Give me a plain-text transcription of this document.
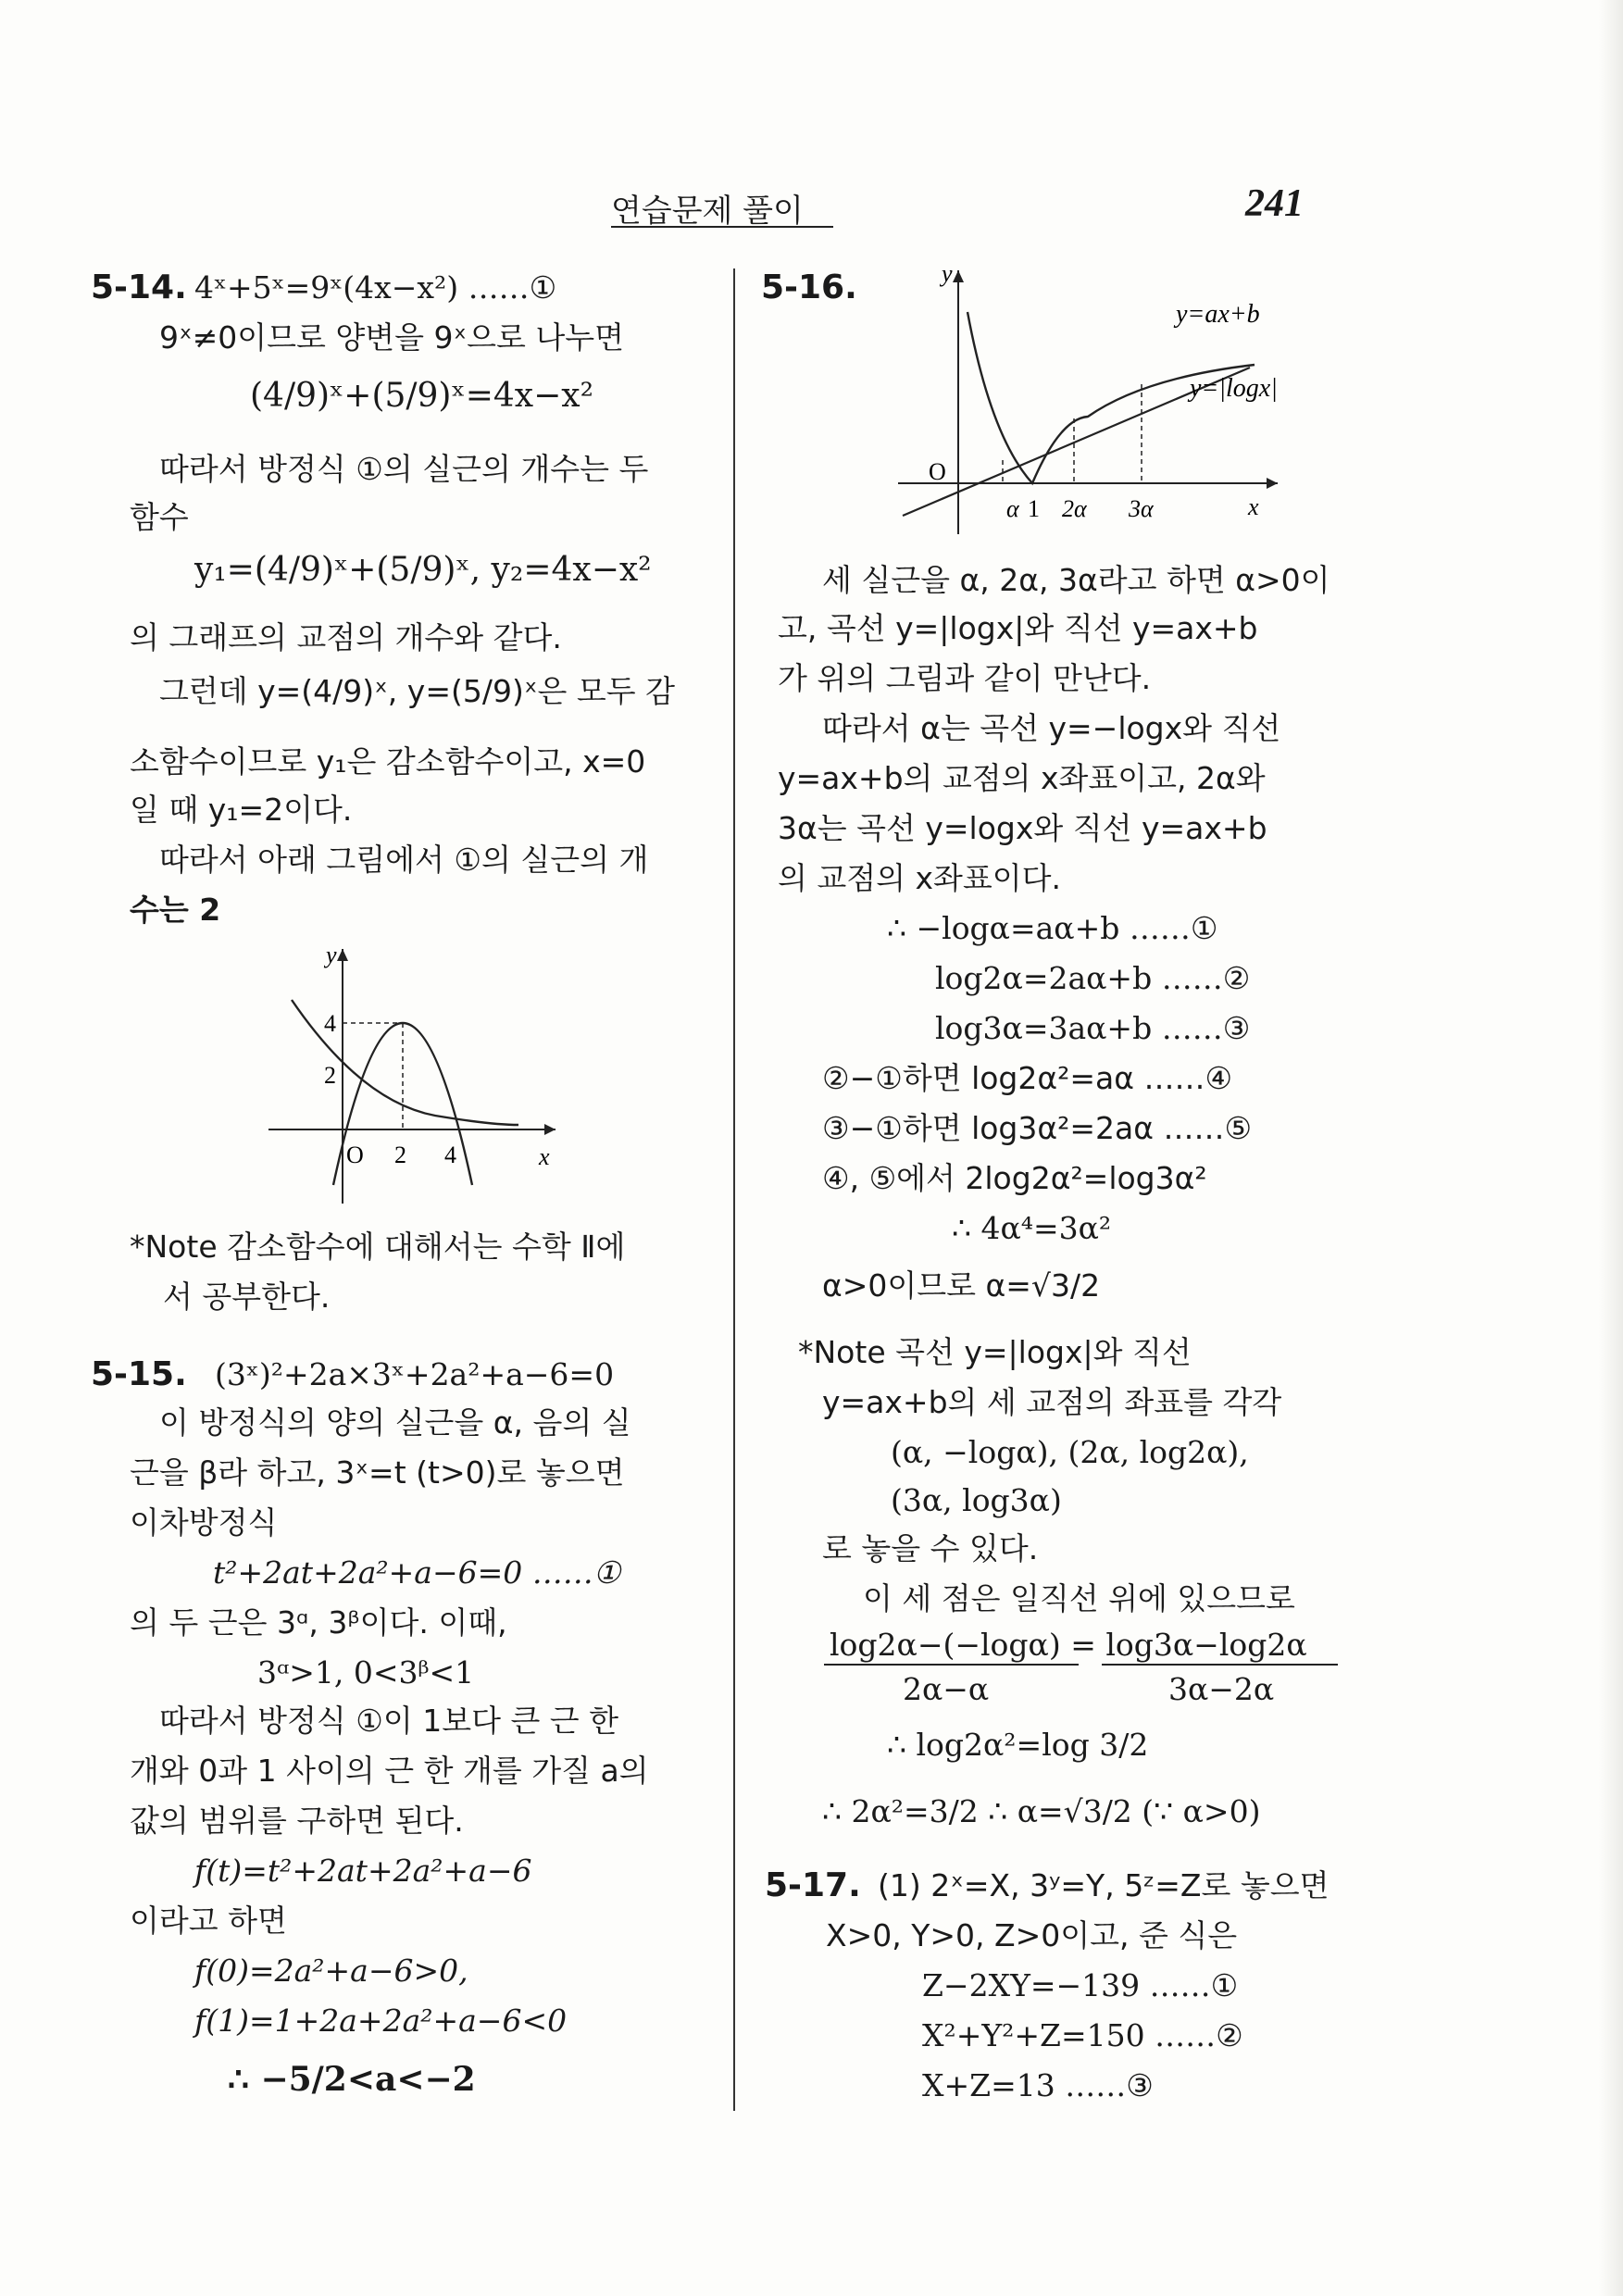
연습문제 풀이	241
5-14. 4ˣ+5ˣ=9ˣ(4x−x²) ……①
9ˣ≠0이므로 양변을 9ˣ으로 나누면
(4/9)ˣ+(5/9)ˣ=4x−x²
따라서 방정식 ①의 실근의 개수는 두
함수
y₁=(4/9)ˣ+(5/9)ˣ, y₂=4x−x²
의 그래프의 교점의 개수와 같다.
그런데 y=(4/9)ˣ, y=(5/9)ˣ은 모두 감
소함수이므로 y₁은 감소함수이고, x=0
일 때 y₁=2이다.
따라서 아래 그림에서 ①의 실근의 개
수는 2
y
x
O 2 4
4
2
*Note 감소함수에 대해서는 수학 Ⅱ에
서 공부한다.
5-15. (3ˣ)²+2a×3ˣ+2a²+a−6=0
이 방정식의 양의 실근을 α, 음의 실
근을 β라 하고, 3ˣ=t (t>0)로 놓으면
이차방정식
t²+2at+2a²+a−6=0 ……①
의 두 근은 3ᵅ, 3ᵝ이다. 이때,
3ᵅ>1, 0<3ᵝ<1
따라서 방정식 ①이 1보다 큰 근 한
개와 0과 1 사이의 근 한 개를 가질 a의
값의 범위를 구하면 된다.
f(t)=t²+2at+2a²+a−6
이라고 하면
f(0)=2a²+a−6>0,
f(1)=1+2a+2a²+a−6<0
∴ −5/2<a<−2
5-16.	y
x
O
y=ax+b
y=|logx|
α 1 2α 3α
세 실근을 α, 2α, 3α라고 하면 α>0이
고, 곡선 y=|logx|와 직선 y=ax+b
가 위의 그림과 같이 만난다.
따라서 α는 곡선 y=−logx와 직선
y=ax+b의 교점의 x좌표이고, 2α와
3α는 곡선 y=logx와 직선 y=ax+b
의 교점의 x좌표이다.
∴ −logα=aα+b ……①
log2α=2aα+b ……②
log3α=3aα+b ……③
②−①하면 log2α²=aα ……④
③−①하면 log3α²=2aα ……⑤
④, ⑤에서 2log2α²=log3α²
∴ 4α⁴=3α²
α>0이므로 α=√3/2
*Note 곡선 y=|logx|와 직선
y=ax+b의 세 교점의 좌표를 각각
(α, −logα), (2α, log2α),
(3α, log3α)
로 놓을 수 있다.
이 세 점은 일직선 위에 있으므로
log2α−(−logα) = log3α−log2α
2α−α	3α−2α
∴ log2α²=log 3/2
∴ 2α²=3/2 ∴ α=√3/2 (∵ α>0)
5-17. (1) 2ˣ=X, 3ʸ=Y, 5ᶻ=Z로 놓으면
X>0, Y>0, Z>0이고, 준 식은
Z−2XY=−139 ……①
X²+Y²+Z=150 ……②
X+Z=13 ……③
